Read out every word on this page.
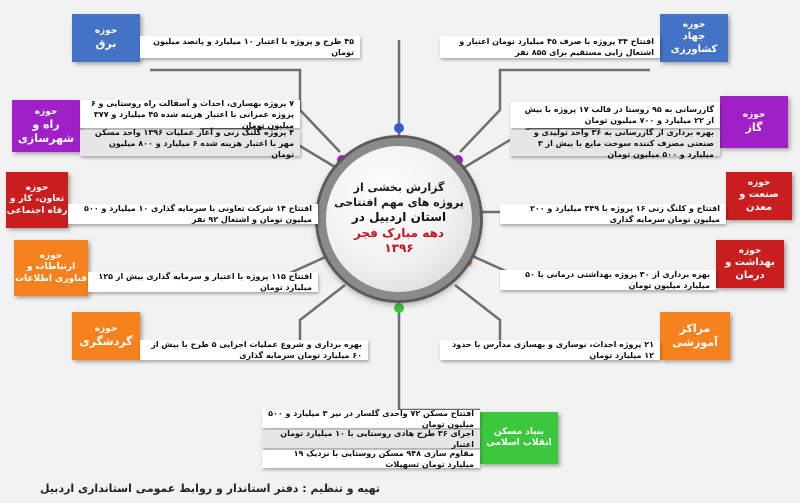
گزارش بخشی از
پروژه های مهم افتتاحی
استان اردبیل در
دهه مبارک فجر
۱۳۹۶
حوزه
برق	۴۵ طرح و پروژه با اعتبار ۱۰ میلیارد و پانصد میلیون تومان
حوزه
راه و شهرسازی
۷ پروژه بهسازی، احداث و آسفالت راه روستایی و ۶ پروژه عمرانی با اعتبار هزینه شده ۴۵ میلیارد و ۳۷۷ میلیون تومان
۴ پروژه کلنگ زنی و آغاز عملیات ۱۳۹۶ واحد مسکن مهر با اعتبار هزینه شده ۶ میلیارد و ۸۰۰ میلیون تومان
حوزه
تعاون، کار و رفاه اجتماعی	افتتاح ۱۴ شرکت تعاونی با سرمایه گذاری ۱۰ میلیارد و ۵۰۰ میلیون تومان و اشتغال ۹۲ نفر
حوزه
ارتباطات و فناوری اطلاعات	افتتاح ۱۱۵ پروژه با اعتبار و سرمایه گذاری بیش از ۱۲۵ میلیارد تومان
حوزه
گردشگری	بهره برداری و شروع عملیات اجرایی ۵ طرح با بیش از ۶۰ میلیارد تومان سرمایه گذاری
حوزه
جهاد کشاورزی
افتتاح ۳۴ پروژه با صرف ۴۵ میلیارد تومان اعتبار و اشتغال زایی مستقیم برای ۸۵۵ نفر
حوزه
گاز
گازرسانی به ۹۵ روستا در قالب ۱۷ پروژه با بیش از ۲۲ میلیارد و ۷۰۰ میلیون تومان
بهره برداری از گازرسانی به ۳۶ واحد تولیدی و صنعتی مصرف کننده سوخت مایع با بیش از ۳ میلیارد و ۵۰۰ میلیون تومان
حوزه
صنعت و معدن
افتتاح و کلنگ زنی ۱۶ پروژه با ۳۴۹ میلیارد و ۲۰۰ میلیون تومان سرمایه گذاری
حوزه
بهداشت و درمان
بهره برداری از ۳۰ پروژه بهداشتی درمانی با ۵۰ میلیارد میلیون تومان
مراکز آموزشی
۲۱ پروژه احداث، نوسازی و بهسازی مدارس با حدود ۱۲ میلیارد تومان
بنیاد مسکن انقلاب اسلامی
افتتاح مسکن ۷۲ واحدی گلسار در نیر ۳ میلیارد و ۵۰۰ میلیون تومان
اجرای ۳۶ طرح هادی روستایی با ۱۰ میلیارد تومان اعتبار
مقاوم سازی ۹۴۸ مسکن روستایی با نزدیک ۱۹ میلیارد تومان تسهیلات
تهیه و تنظیم : دفتر استاندار و روابط عمومی استانداری اردبیل
